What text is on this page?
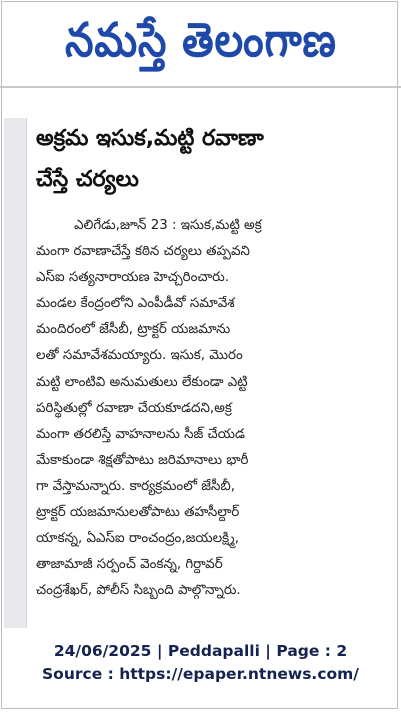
నమస్తే తెలంగాణ
అక్రమ ఇసుక,మట్టి రవాణా
చేస్తే చర్యలు
ఎలిగేడు,జూన్ 23 : ఇసుక,మట్టి అక్ర
మంగా రవాణాచేస్తే కఠిన చర్యలు తప్పవని
ఎస్ఐ సత్యనారాయణ హెచ్చరించారు.
మండల కేంద్రంలోని ఎంపీడీవో సమావేశ
మందిరంలో జేసీబీ, ట్రాక్టర్ యజమాను
లతో సమావేశమయ్యారు. ఇసుక, మొరం
మట్టి లాంటివి అనుమతులు లేకుండా ఎట్టి
పరిస్థితుల్లో రవాణా చేయకూడదని,అక్ర
మంగా తరలిస్తే వాహనాలను సీజ్ చేయడ
మేకాకుండా శిక్షతోపాటు జరిమానాలు భారీ
గా వేస్తామన్నారు. కార్యక్రమంలో జేసీబీ,
ట్రాక్టర్ యజమానులతోపాటు తహసీల్దార్
యాకన్న, ఏఎస్ఐ రాంచంద్రం,జయలక్ష్మి,
తాజామాజీ సర్పంచ్ వెంకన్న, గిర్దావర్
చంద్రశేఖర్, పోలీస్ సిబ్బంది పాల్గొన్నారు.
24/06/2025 | Peddapalli | Page : 2
Source : https://epaper.ntnews.com/
